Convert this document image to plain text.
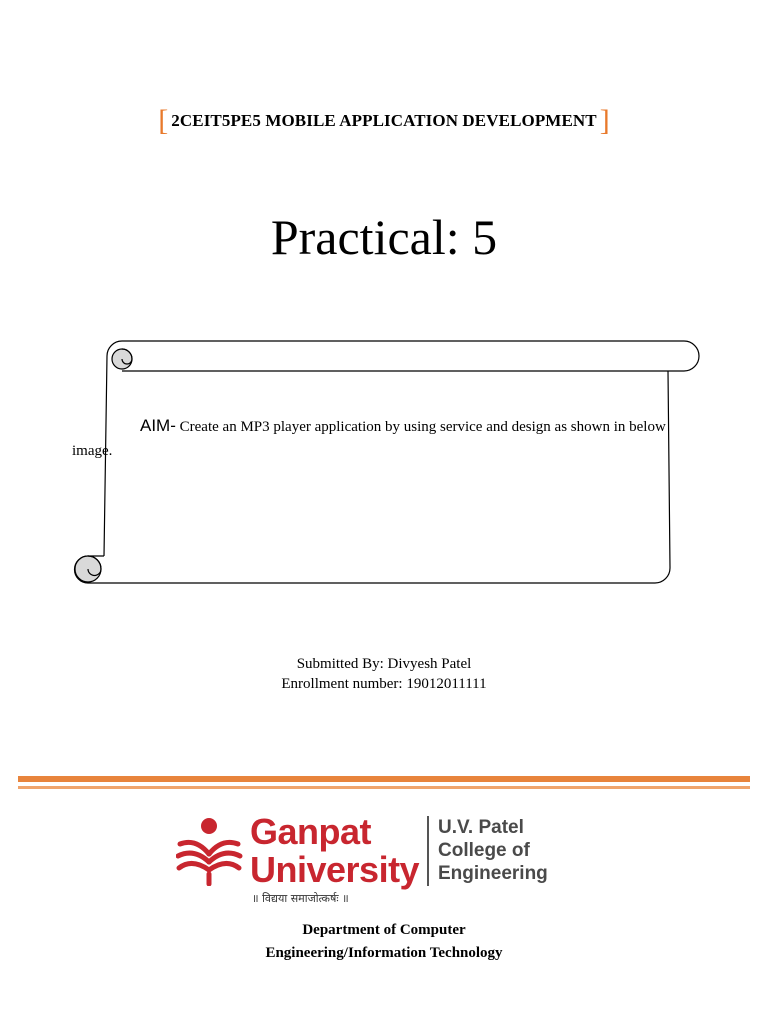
[ 2CEIT5PE5 MOBILE APPLICATION DEVELOPMENT ]
Practical: 5
AIM- Create an MP3 player application by using service and design as shown in below image.
Submitted By: Divyesh Patel
Enrollment number: 19012011111
Ganpat
University
॥ विद्यया समाजोत्कर्षः ॥
U.V. Patel
College of
Engineering
Department of Computer
Engineering/Information Technology
